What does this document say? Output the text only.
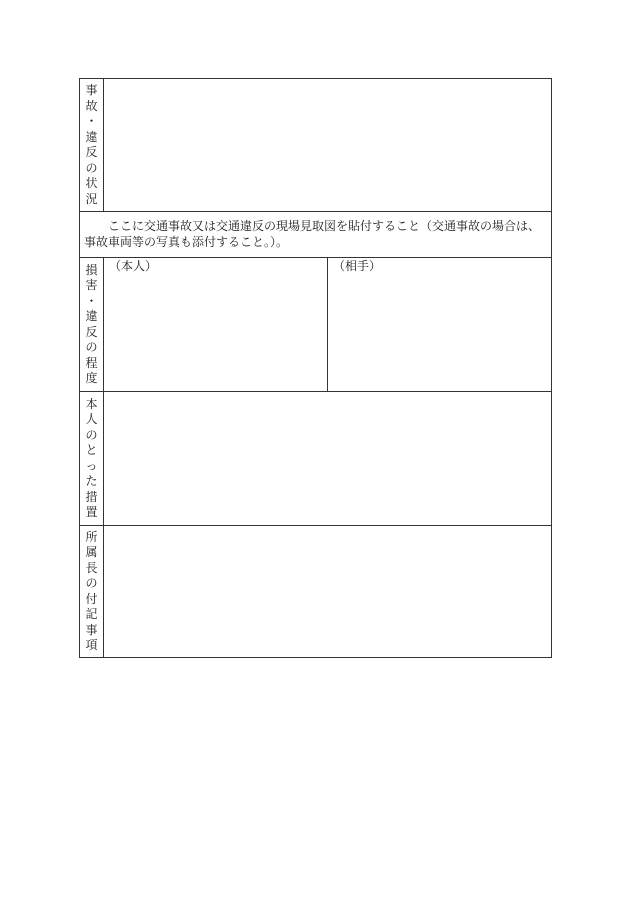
事
故
・
違
反
の
状
況
ここに交通事故又は交通違反の現場見取図を貼付すること（交通事故の場合は、事故車両等の写真も添付すること。）。
損
害
・
違
反
の
程
度
（本人）	（相手）
本
人
の
と
っ
た
措
置
所
属
長
の
付
記
事
項
